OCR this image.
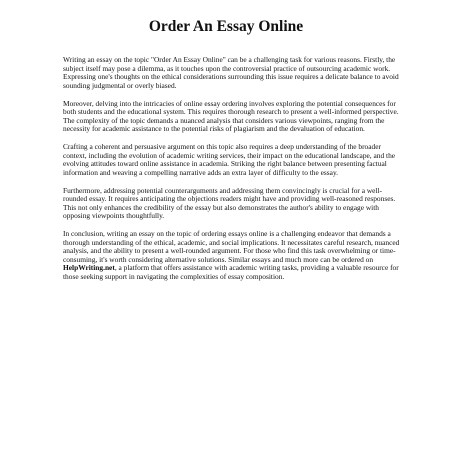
Order An Essay Online

Writing an essay on the topic "Order An Essay Online" can be a challenging task for various reasons. Firstly, the subject itself may pose a dilemma, as it touches upon the controversial practice of outsourcing academic work. Expressing one's thoughts on the ethical considerations surrounding this issue requires a delicate balance to avoid sounding judgmental or overly biased.

Moreover, delving into the intricacies of online essay ordering involves exploring the potential consequences for both students and the educational system. This requires thorough research to present a well-informed perspective. The complexity of the topic demands a nuanced analysis that considers various viewpoints, ranging from the necessity for academic assistance to the potential risks of plagiarism and the devaluation of education.

Crafting a coherent and persuasive argument on this topic also requires a deep understanding of the broader context, including the evolution of academic writing services, their impact on the educational landscape, and the evolving attitudes toward online assistance in academia. Striking the right balance between presenting factual information and weaving a compelling narrative adds an extra layer of difficulty to the essay.

Furthermore, addressing potential counterarguments and addressing them convincingly is crucial for a well-rounded essay. It requires anticipating the objections readers might have and providing well-reasoned responses. This not only enhances the credibility of the essay but also demonstrates the author's ability to engage with opposing viewpoints thoughtfully.

In conclusion, writing an essay on the topic of ordering essays online is a challenging endeavor that demands a thorough understanding of the ethical, academic, and social implications. It necessitates careful research, nuanced analysis, and the ability to present a well-rounded argument. For those who find this task overwhelming or time-consuming, it's worth considering alternative solutions. Similar essays and much more can be ordered on HelpWriting.net, a platform that offers assistance with academic writing tasks, providing a valuable resource for those seeking support in navigating the complexities of essay composition.
